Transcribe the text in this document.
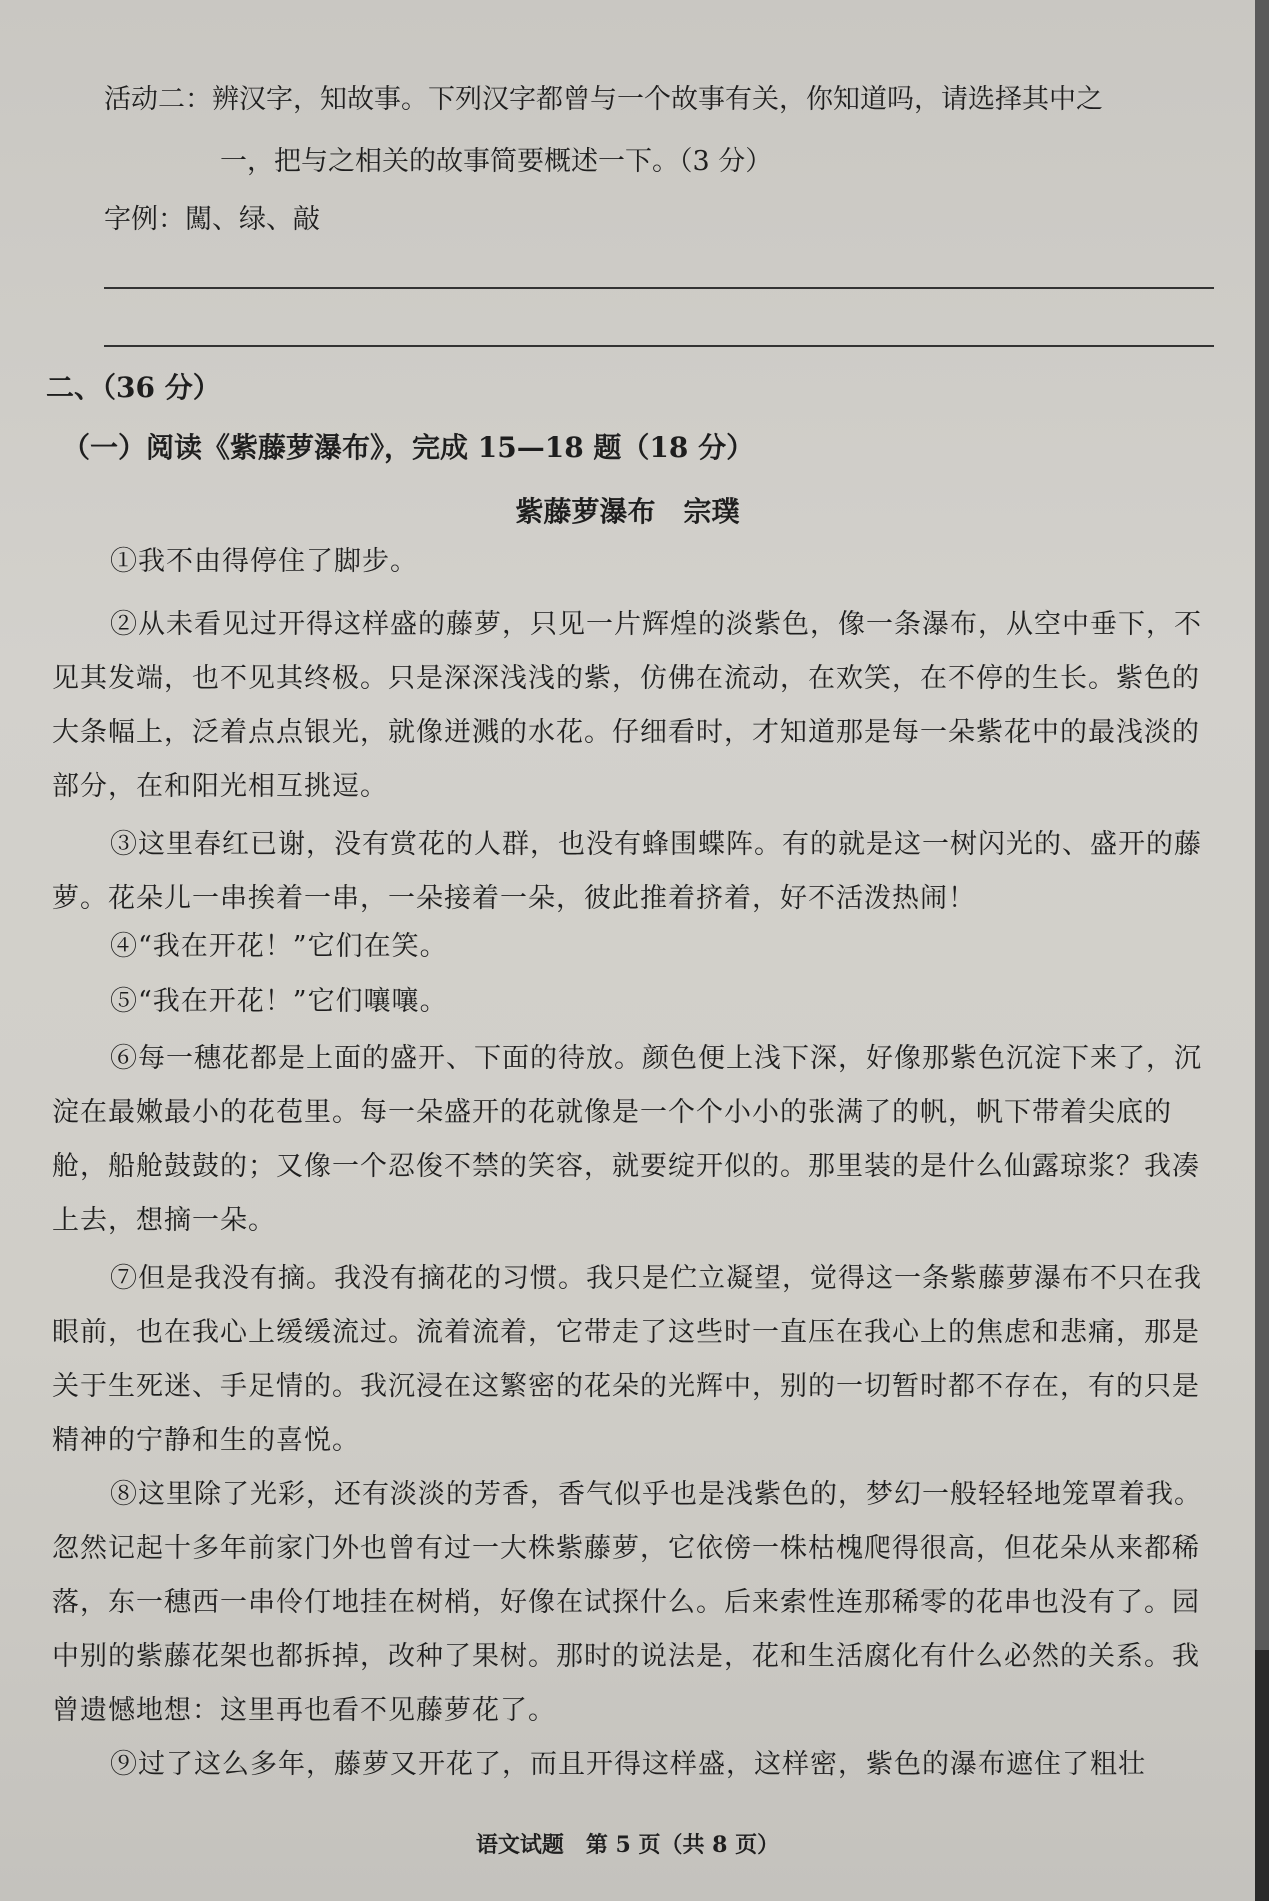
活动二：辨汉字，知故事。下列汉字都曾与一个故事有关，你知道吗，请选择其中之
一，把与之相关的故事简要概述一下。（3 分）
字例：闖、绿、敲
二、（36 分）
（一）阅读《紫藤萝瀑布》，完成 15—18 题（18 分）
紫藤萝瀑布　宗璞
①我不由得停住了脚步。
②从未看见过开得这样盛的藤萝，只见一片辉煌的淡紫色，像一条瀑布，从空中垂下，不见其发端，也不见其终极。只是深深浅浅的紫，仿佛在流动，在欢笑，在不停的生长。紫色的大条幅上，泛着点点银光，就像迸溅的水花。仔细看时，才知道那是每一朵紫花中的最浅淡的部分，在和阳光相互挑逗。
③这里春红已谢，没有赏花的人群，也没有蜂围蝶阵。有的就是这一树闪光的、盛开的藤萝。花朵儿一串挨着一串，一朵接着一朵，彼此推着挤着，好不活泼热闹！
④“我在开花！”它们在笑。
⑤“我在开花！”它们嚷嚷。
⑥每一穗花都是上面的盛开、下面的待放。颜色便上浅下深，好像那紫色沉淀下来了，沉淀在最嫩最小的花苞里。每一朵盛开的花就像是一个个小小的张满了的帆，帆下带着尖底的舱，船舱鼓鼓的；又像一个忍俊不禁的笑容，就要绽开似的。那里装的是什么仙露琼浆？我凑上去，想摘一朵。
⑦但是我没有摘。我没有摘花的习惯。我只是伫立凝望，觉得这一条紫藤萝瀑布不只在我眼前，也在我心上缓缓流过。流着流着，它带走了这些时一直压在我心上的焦虑和悲痛，那是关于生死迷、手足情的。我沉浸在这繁密的花朵的光辉中，别的一切暂时都不存在，有的只是精神的宁静和生的喜悦。
⑧这里除了光彩，还有淡淡的芳香，香气似乎也是浅紫色的，梦幻一般轻轻地笼罩着我。忽然记起十多年前家门外也曾有过一大株紫藤萝，它依傍一株枯槐爬得很高，但花朵从来都稀落，东一穗西一串伶仃地挂在树梢，好像在试探什么。后来索性连那稀零的花串也没有了。园中别的紫藤花架也都拆掉，改种了果树。那时的说法是，花和生活腐化有什么必然的关系。我曾遗憾地想：这里再也看不见藤萝花了。
⑨过了这么多年，藤萝又开花了，而且开得这样盛，这样密，紫色的瀑布遮住了粗壮
语文试题　第 5 页（共 8 页）
